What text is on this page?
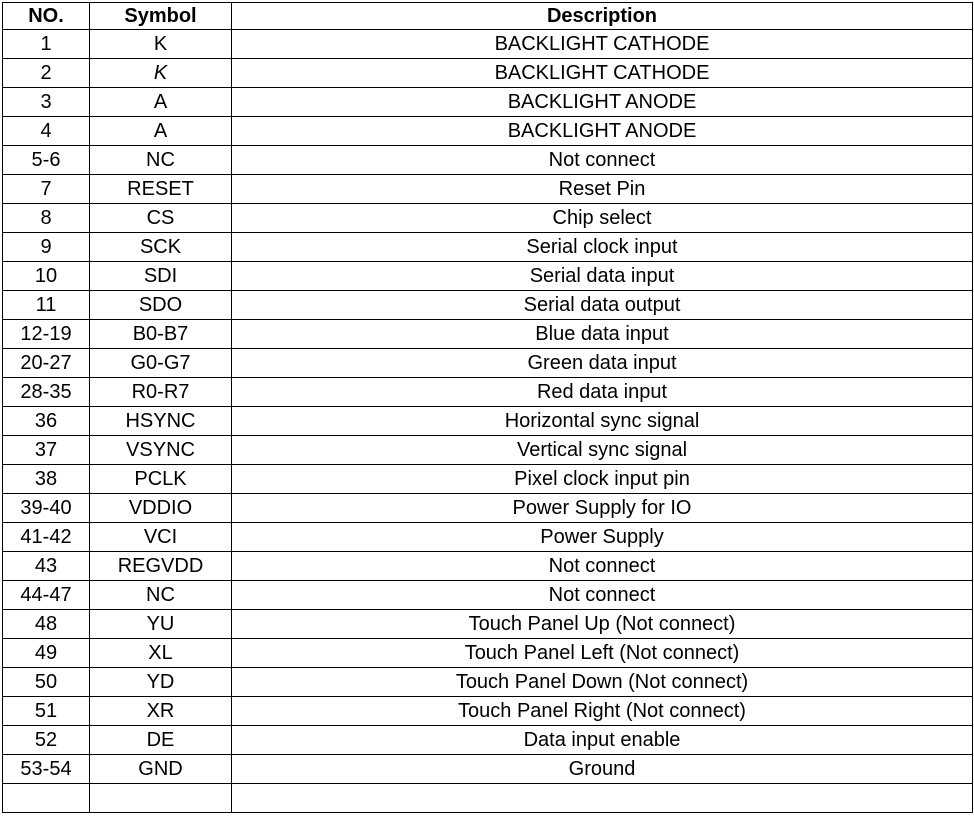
NO.	Symbol	Description
1	K	BACKLIGHT CATHODE
2	K	BACKLIGHT CATHODE
3	A	BACKLIGHT ANODE
4	A	BACKLIGHT ANODE
5-6	NC	Not connect
7	RESET	Reset Pin
8	CS	Chip select
9	SCK	Serial clock input
10	SDI	Serial data input
11	SDO	Serial data output
12-19	B0-B7	Blue data input
20-27	G0-G7	Green data input
28-35	R0-R7	Red data input
36	HSYNC	Horizontal sync signal
37	VSYNC	Vertical sync signal
38	PCLK	Pixel clock input pin
39-40	VDDIO	Power Supply for IO
41-42	VCI	Power Supply
43	REGVDD	Not connect
44-47	NC	Not connect
48	YU	Touch Panel Up (Not connect)
49	XL	Touch Panel Left (Not connect)
50	YD	Touch Panel Down (Not connect)
51	XR	Touch Panel Right (Not connect)
52	DE	Data input enable
53-54	GND	Ground
